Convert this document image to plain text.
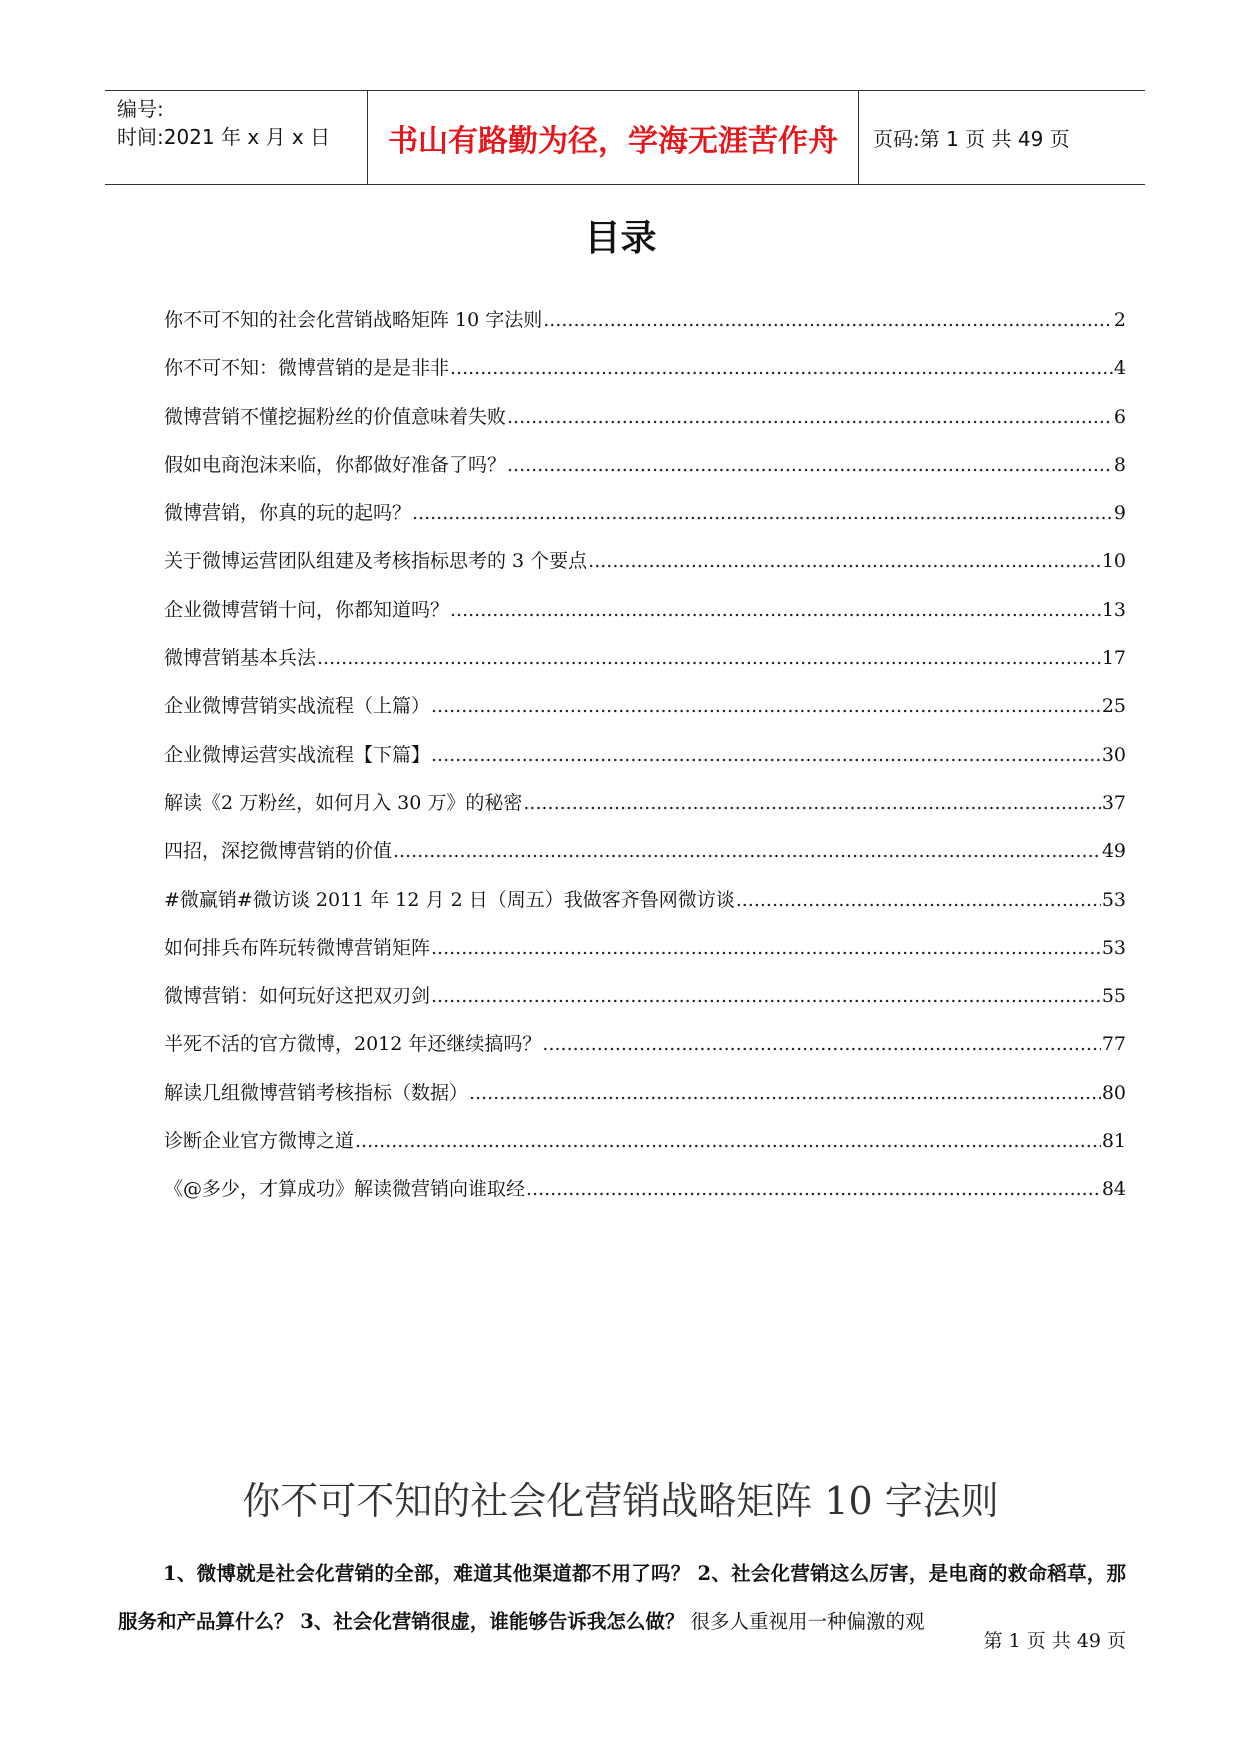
编号:
时间:2021 年 x 月 x 日	书山有路勤为径，学海无涯苦作舟	页码:第 1 页 共 49 页
目录
你不可不知的社会化营销战略矩阵 10 字法则 .....	2
你不可不知：微博营销的是是非非 .....	4
微博营销不懂挖掘粉丝的价值意味着失败 .....	6
假如电商泡沫来临，你都做好准备了吗？ .....	8
微博营销，你真的玩的起吗？ .....	9
关于微博运营团队组建及考核指标思考的 3 个要点 .....	10
企业微博营销十问，你都知道吗？ .....	13
微博营销基本兵法 .....	17
企业微博营销实战流程（上篇） .....	25
企业微博运营实战流程【下篇】 .....	30
解读《2 万粉丝，如何月入 30 万》的秘密 .....	37
四招，深挖微博营销的价值 .....	49
#微赢销#微访谈 2011 年 12 月 2 日（周五）我做客齐鲁网微访谈 .....	53
如何排兵布阵玩转微博营销矩阵 .....	53
微博营销：如何玩好这把双刃剑 .....	55
半死不活的官方微博，2012 年还继续搞吗？ .....	77
解读几组微博营销考核指标（数据） .....	80
诊断企业官方微博之道 .....	81
《@多少，才算成功》解读微营销向谁取经 .....	84
你不可不知的社会化营销战略矩阵 10 字法则
1、微博就是社会化营销的全部，难道其他渠道都不用了吗？ 2、社会化营销这么厉害，是电商的救命稻草，那服务和产品算什么？ 3、社会化营销很虚，谁能够告诉我怎么做？ 很多人重视用一种偏激的观
第 1 页 共 49 页
